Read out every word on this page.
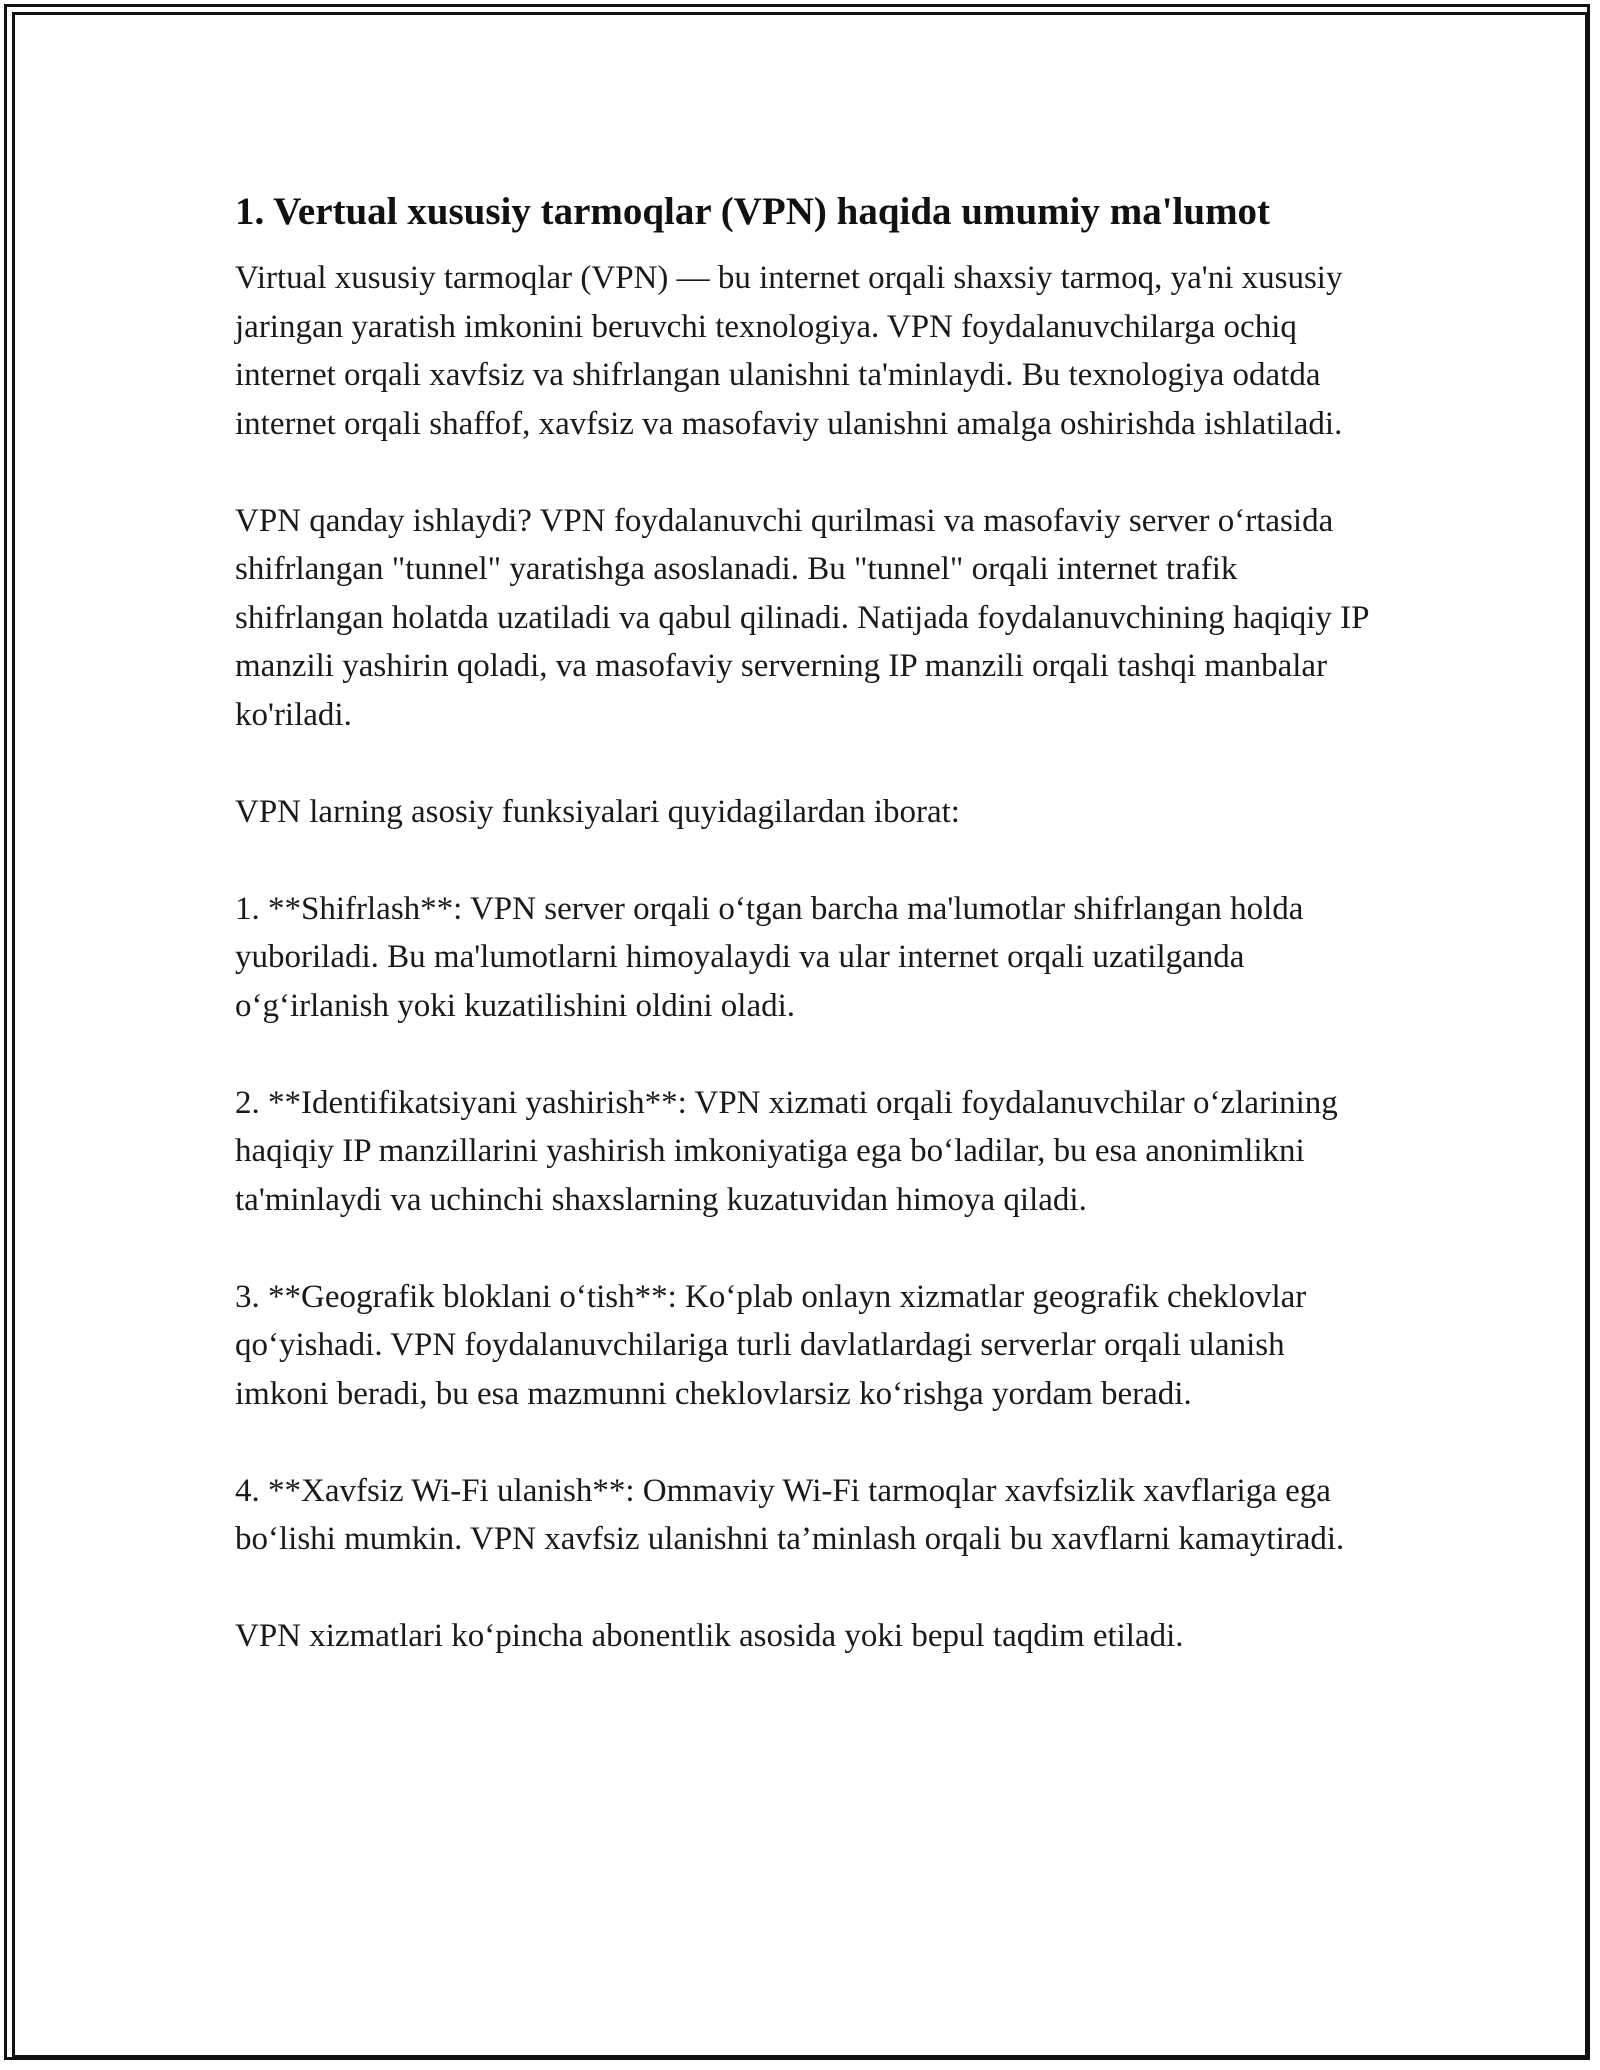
1. Vertual xususiy tarmoqlar (VPN) haqida umumiy ma'lumot

Virtual xususiy tarmoqlar (VPN) — bu internet orqali shaxsiy tarmoq, ya'ni xususiy jaringan yaratish imkonini beruvchi texnologiya. VPN foydalanuvchilarga ochiq internet orqali xavfsiz va shifrlangan ulanishni ta'minlaydi. Bu texnologiya odatda internet orqali shaffof, xavfsiz va masofaviy ulanishni amalga oshirishda ishlatiladi.

VPN qanday ishlaydi? VPN foydalanuvchi qurilmasi va masofaviy server o‘rtasida shifrlangan "tunnel" yaratishga asoslanadi. Bu "tunnel" orqali internet trafik shifrlangan holatda uzatiladi va qabul qilinadi. Natijada foydalanuvchining haqiqiy IP manzili yashirin qoladi, va masofaviy serverning IP manzili orqali tashqi manbalar ko'riladi.

VPN larning asosiy funksiyalari quyidagilardan iborat:

1. **Shifrlash**: VPN server orqali o‘tgan barcha ma'lumotlar shifrlangan holda yuboriladi. Bu ma'lumotlarni himoyalaydi va ular internet orqali uzatilganda o‘g‘irlanish yoki kuzatilishini oldini oladi.

2. **Identifikatsiyani yashirish**: VPN xizmati orqali foydalanuvchilar o‘zlarining haqiqiy IP manzillarini yashirish imkoniyatiga ega bo‘ladilar, bu esa anonimlikni ta'minlaydi va uchinchi shaxslarning kuzatuvidan himoya qiladi.

3. **Geografik bloklani o‘tish**: Ko‘plab onlayn xizmatlar geografik cheklovlar qo‘yishadi. VPN foydalanuvchilariga turli davlatlardagi serverlar orqali ulanish imkoni beradi, bu esa mazmunni cheklovlarsiz ko‘rishga yordam beradi.

4. **Xavfsiz Wi-Fi ulanish**: Ommaviy Wi-Fi tarmoqlar xavfsizlik xavflariga ega bo‘lishi mumkin. VPN xavfsiz ulanishni ta’minlash orqali bu xavflarni kamaytiradi.

VPN xizmatlari ko‘pincha abonentlik asosida yoki bepul taqdim etiladi.
